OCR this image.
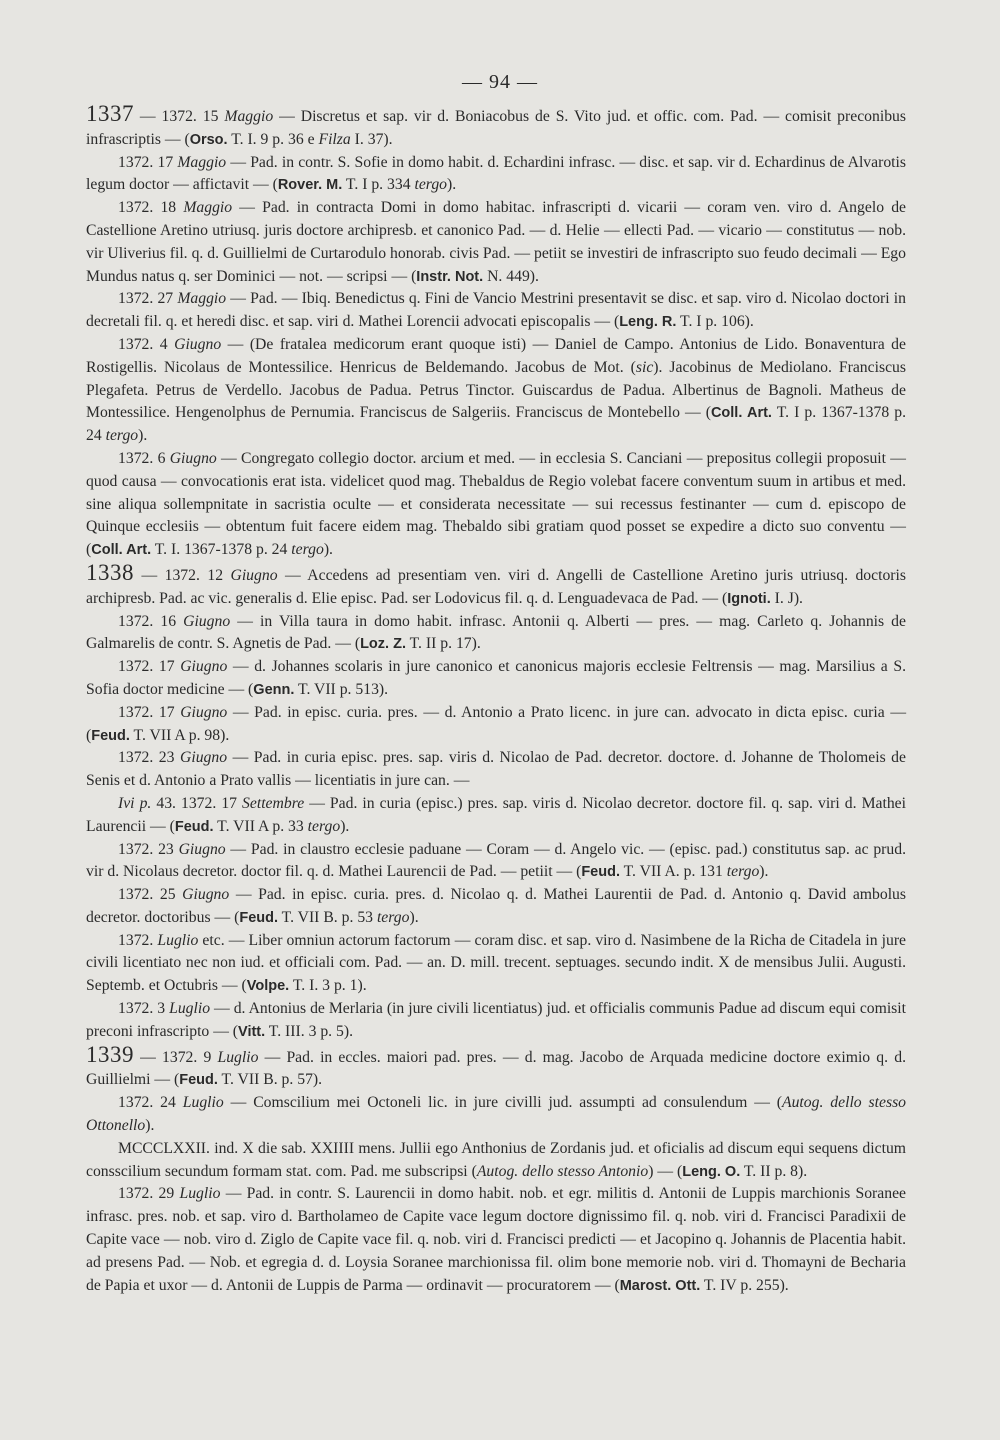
— 94 —

1337 — 1372. 15 Maggio — Discretus et sap. vir d. Boniacobus de S. Vito jud. et offic. com. Pad. — comisit preconibus infrascriptis — (Orso. T. I. 9 p. 36 e Filza I. 37).

1372. 17 Maggio — Pad. in contr. S. Sofie in domo habit. d. Echardini infrasc. — disc. et sap. vir d. Echardinus de Alvarotis legum doctor — affictavit — (Rover. M. T. I p. 334 tergo).

1372. 18 Maggio — Pad. in contracta Domi in domo habitac. infrascripti d. vicarii — coram ven. viro d. Angelo de Castellione Aretino utriusq. juris doctore archipresb. et canonico Pad. — d. Helie — ellecti Pad. — vicario — constitutus — nob. vir Uliverius fil. q. d. Guillielmi de Curtarodulo honorab. civis Pad. — petiit se investiri de infrascripto suo feudo decimali — Ego Mundus natus q. ser Dominici — not. — scripsi — (Instr. Not. N. 449).

1372. 27 Maggio — Pad. — Ibiq. Benedictus q. Fini de Vancio Mestrini presentavit se disc. et sap. viro d. Nicolao doctori in decretali fil. q. et heredi disc. et sap. viri d. Mathei Lorencii advocati episcopalis — (Leng. R. T. I p. 106).

1372. 4 Giugno — (De fratalea medicorum erant quoque isti) — Daniel de Campo. Antonius de Lido. Bonaventura de Rostigellis. Nicolaus de Montessilice. Henricus de Beldemando. Jacobus de Mot. (sic). Jacobinus de Mediolano. Franciscus Plegafeta. Petrus de Verdello. Jacobus de Padua. Petrus Tinctor. Guiscardus de Padua. Albertinus de Bagnoli. Matheus de Montessilice. Hengenolphus de Pernumia. Franciscus de Salgeriis. Franciscus de Montebello — (Coll. Art. T. I p. 1367-1378 p. 24 tergo).

1372. 6 Giugno — Congregato collegio doctor. arcium et med. — in ecclesia S. Canciani — prepositus collegii proposuit — quod causa — convocationis erat ista. videlicet quod mag. Thebaldus de Regio volebat facere conventum suum in artibus et med. sine aliqua sollempnitate in sacristia oculte — et considerata necessitate — sui recessus festinanter — cum d. episcopo de Quinque ecclesiis — obtentum fuit facere eidem mag. Thebaldo sibi gratiam quod posset se expedire a dicto suo conventu — (Coll. Art. T. I. 1367-1378 p. 24 tergo).

1338 — 1372. 12 Giugno — Accedens ad presentiam ven. viri d. Angelli de Castellione Aretino juris utriusq. doctoris archipresb. Pad. ac vic. generalis d. Elie episc. Pad. ser Lodovicus fil. q. d. Lenguadevaca de Pad. — (Ignoti. I. J).

1372. 16 Giugno — in Villa taura in domo habit. infrasc. Antonii q. Alberti — pres. — mag. Carleto q. Johannis de Galmarelis de contr. S. Agnetis de Pad. — (Loz. Z. T. II p. 17).

1372. 17 Giugno — d. Johannes scolaris in jure canonico et canonicus majoris ecclesie Feltrensis — mag. Marsilius a S. Sofia doctor medicine — (Genn. T. VII p. 513).

1372. 17 Giugno — Pad. in episc. curia. pres. — d. Antonio a Prato licenc. in jure can. advocato in dicta episc. curia — (Feud. T. VII A p. 98).

1372. 23 Giugno — Pad. in curia episc. pres. sap. viris d. Nicolao de Pad. decretor. doctore. d. Johanne de Tholomeis de Senis et d. Antonio a Prato vallis — licentiatis in jure can. —

Ivi p. 43. 1372. 17 Settembre — Pad. in curia (episc.) pres. sap. viris d. Nicolao decretor. doctore fil. q. sap. viri d. Mathei Laurencii — (Feud. T. VII A p. 33 tergo).

1372. 23 Giugno — Pad. in claustro ecclesie paduane — Coram — d. Angelo vic. — (episc. pad.) constitutus sap. ac prud. vir d. Nicolaus decretor. doctor fil. q. d. Mathei Laurencii de Pad. — petiit — (Feud. T. VII A. p. 131 tergo).

1372. 25 Giugno — Pad. in episc. curia. pres. d. Nicolao q. d. Mathei Laurentii de Pad. d. Antonio q. David ambolus decretor. doctoribus — (Feud. T. VII B. p. 53 tergo).

1372. Luglio etc. — Liber omniun actorum factorum — coram disc. et sap. viro d. Nasimbene de la Richa de Citadela in jure civili licentiato nec non iud. et officiali com. Pad. — an. D. mill. trecent. septuages. secundo indit. X de mensibus Julii. Augusti. Septemb. et Octubris — (Volpe. T. I. 3 p. 1).

1372. 3 Luglio — d. Antonius de Merlaria (in jure civili licentiatus) jud. et officialis communis Padue ad discum equi comisit preconi infrascripto — (Vitt. T. III. 3 p. 5).

1339 — 1372. 9 Luglio — Pad. in eccles. maiori pad. pres. — d. mag. Jacobo de Arquada medicine doctore eximio q. d. Guillielmi — (Feud. T. VII B. p. 57).

1372. 24 Luglio — Comscilium mei Octoneli lic. in jure civilli jud. assumpti ad consulendum — (Autog. dello stesso Ottonello).

MCCCLXXII. ind. X die sab. XXIIII mens. Jullii ego Anthonius de Zordanis jud. et oficialis ad discum equi sequens dictum consscilium secundum formam stat. com. Pad. me subscripsi (Autog. dello stesso Antonio) — (Leng. O. T. II p. 8).

1372. 29 Luglio — Pad. in contr. S. Laurencii in domo habit. nob. et egr. militis d. Antonii de Luppis marchionis Soranee infrasc. pres. nob. et sap. viro d. Bartholameo de Capite vace legum doctore dignissimo fil. q. nob. viri d. Francisci Paradixii de Capite vace — nob. viro d. Ziglo de Capite vace fil. q. nob. viri d. Francisci predicti — et Jacopino q. Johannis de Placentia habit. ad presens Pad. — Nob. et egregia d. d. Loysia Soranee marchionissa fil. olim bone memorie nob. viri d. Thomayni de Becharia de Papia et uxor — d. Antonii de Luppis de Parma — ordinavit — procuratorem — (Marost. Ott. T. IV p. 255).
